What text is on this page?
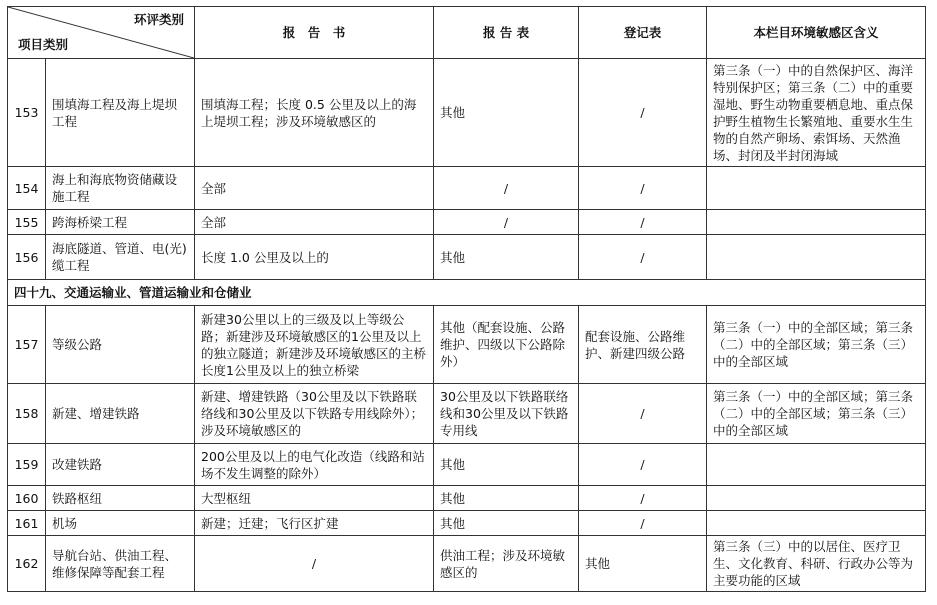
环评类别
项目类别		报　告　书	报 告 表	登记表	本栏目环境敏感区含义
153	围填海工程及海上堤坝工程	围填海工程；长度 0.5 公里及以上的海上堤坝工程；涉及环境敏感区的	其他	/	第三条（一）中的自然保护区、海洋特别保护区；第三条（二）中的重要湿地、野生动物重要栖息地、重点保护野生植物生长繁殖地、重要水生生物的自然产卵场、索饵场、天然渔场、封闭及半封闭海域
154	海上和海底物资储藏设施工程	全部	/	/	
155	跨海桥梁工程	全部	/	/	
156	海底隧道、管道、电(光)缆工程	长度 1.0 公里及以上的	其他	/	
四十九、交通运输业、管道运输业和仓储业					
157	等级公路	新建30公里以上的三级及以上等级公路；新建涉及环境敏感区的1公里及以上的独立隧道；新建涉及环境敏感区的主桥长度1公里及以上的独立桥梁	其他（配套设施、公路维护、四级以下公路除外）	配套设施、公路维护、新建四级公路	第三条（一）中的全部区域；第三条（二）中的全部区域；第三条（三）中的全部区域
158	新建、增建铁路	新建、增建铁路（30公里及以下铁路联络线和30公里及以下铁路专用线除外）；涉及环境敏感区的	30公里及以下铁路联络线和30公里及以下铁路专用线	/	第三条（一）中的全部区域；第三条（二）中的全部区域；第三条（三）中的全部区域
159	改建铁路	200公里及以上的电气化改造（线路和站场不发生调整的除外）	其他	/	
160	铁路枢纽	大型枢纽	其他	/	
161	机场	新建；迁建；飞行区扩建	其他	/	
162	导航台站、供油工程、维修保障等配套工程	/	供油工程；涉及环境敏感区的	其他	第三条（三）中的以居住、医疗卫生、文化教育、科研、行政办公等为主要功能的区域
